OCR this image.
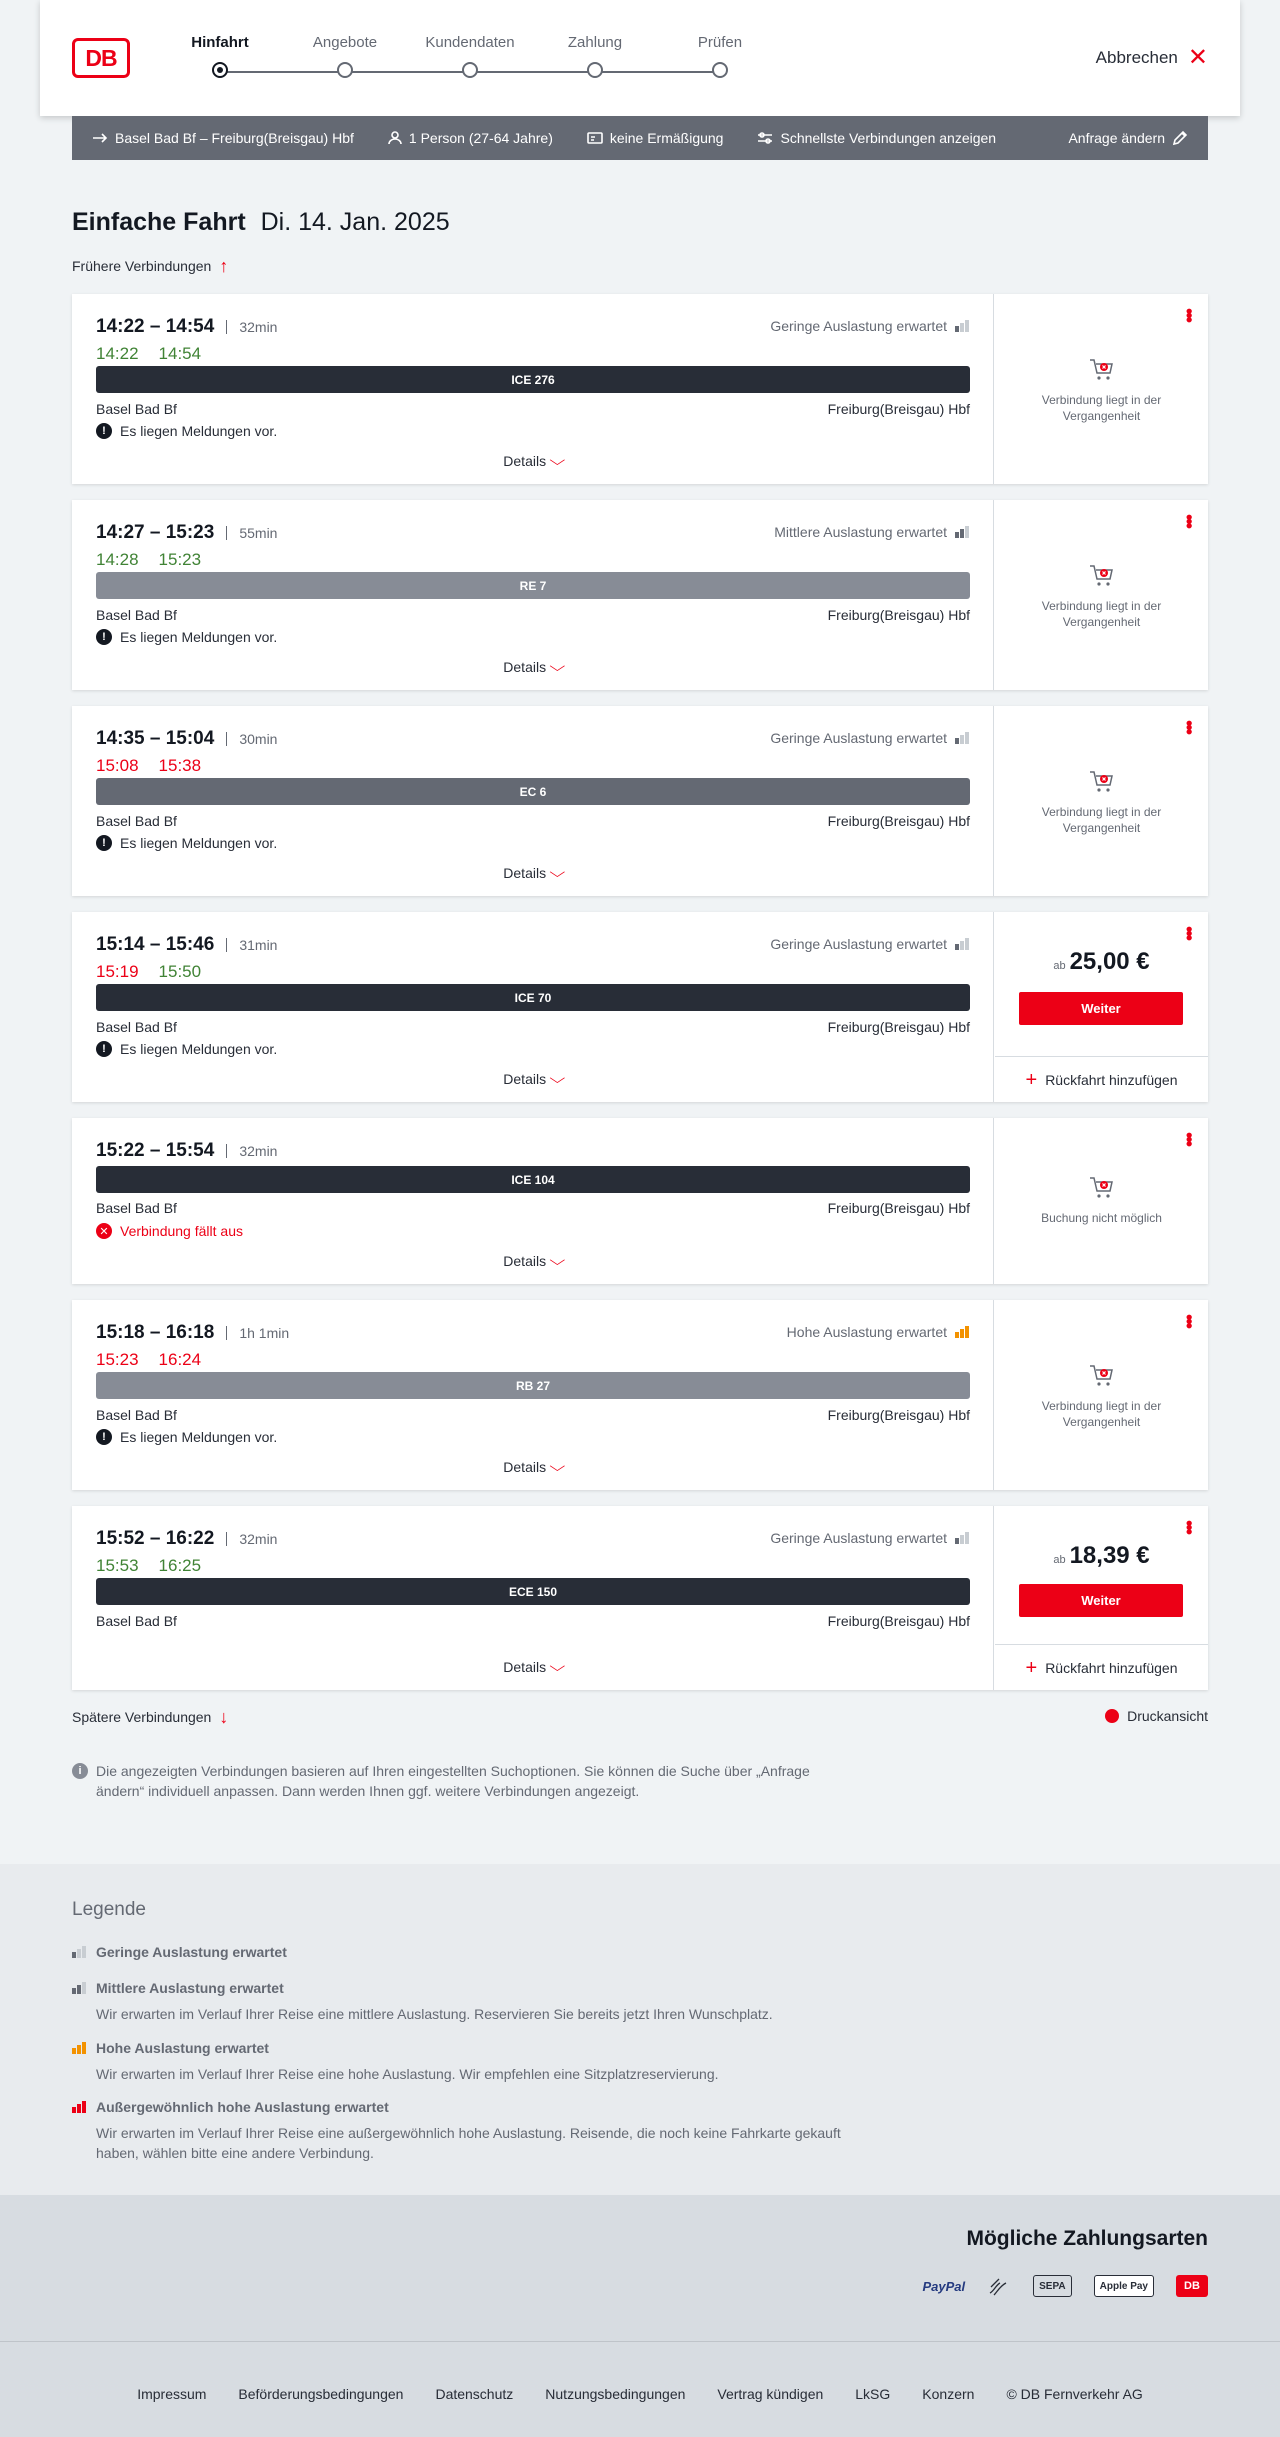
DB
Hinfahrt	Angebote	Kundendaten	Zahlung	Prüfen
Abbrechen ✕
Basel Bad Bf – Freiburg(Breisgau) Hbf	1 Person (27-64 Jahre)	keine Ermäßigung	Schnellste Verbindungen anzeigen	Anfrage ändern
Einfache Fahrt Di. 14. Jan. 2025
Frühere Verbindungen ↑
14:22 – 14:54	32min
14:22 14:54
Geringe Auslastung erwartet
ICE 276
Basel Bad Bf	Freiburg(Breisgau) Hbf
!	Es liegen Meldungen vor.
Details ⌵
•••
Verbindung liegt in der Vergangenheit
14:27 – 15:23	55min
14:28 15:23
Mittlere Auslastung erwartet
RE 7
Basel Bad Bf	Freiburg(Breisgau) Hbf
!	Es liegen Meldungen vor.
Details ⌵
•••
Verbindung liegt in der Vergangenheit
14:35 – 15:04	30min
15:08 15:38
Geringe Auslastung erwartet
EC 6
Basel Bad Bf	Freiburg(Breisgau) Hbf
!	Es liegen Meldungen vor.
Details ⌵
•••
Verbindung liegt in der Vergangenheit
15:14 – 15:46	31min
15:19 15:50
Geringe Auslastung erwartet
ICE 70
Basel Bad Bf	Freiburg(Breisgau) Hbf
!	Es liegen Meldungen vor.
Details ⌵
•••
ab 25,00 €
Weiter
+ Rückfahrt hinzufügen
15:22 – 15:54	32min
ICE 104
Basel Bad Bf	Freiburg(Breisgau) Hbf
✕ Verbindung fällt aus
Details ⌵
•••
Buchung nicht möglich
15:18 – 16:18	1h 1min
15:23 16:24
Hohe Auslastung erwartet
RB 27
Basel Bad Bf	Freiburg(Breisgau) Hbf
!	Es liegen Meldungen vor.
Details ⌵
•••
Verbindung liegt in der Vergangenheit
15:52 – 16:22	32min
15:53 16:25
Geringe Auslastung erwartet
ECE 150
Basel Bad Bf	Freiburg(Breisgau) Hbf
Details ⌵
•••
ab 18,39 €
Weiter
+ Rückfahrt hinzufügen
Spätere Verbindungen ↓	Druckansicht
i	Die angezeigten Verbindungen basieren auf Ihren eingestellten Suchoptionen. Sie können die Suche über „Anfrage ändern“ individuell anpassen. Dann werden Ihnen ggf. weitere Verbindungen angezeigt.
Legende
Geringe Auslastung erwartet
Mittlere Auslastung erwartet
Wir erwarten im Verlauf Ihrer Reise eine mittlere Auslastung. Reservieren Sie bereits jetzt Ihren Wunschplatz.
Hohe Auslastung erwartet
Wir erwarten im Verlauf Ihrer Reise eine hohe Auslastung. Wir empfehlen eine Sitzplatzreservierung.
Außergewöhnlich hohe Auslastung erwartet
Wir erwarten im Verlauf Ihrer Reise eine außergewöhnlich hohe Auslastung. Reisende, die noch keine Fahrkarte gekauft haben, wählen bitte eine andere Verbindung.
Mögliche Zahlungsarten
PayPal	SEPA	Apple Pay	DB
Impressum Beförderungsbedingungen Datenschutz Nutzungsbedingungen Vertrag kündigen LkSG Konzern © DB Fernverkehr AG
